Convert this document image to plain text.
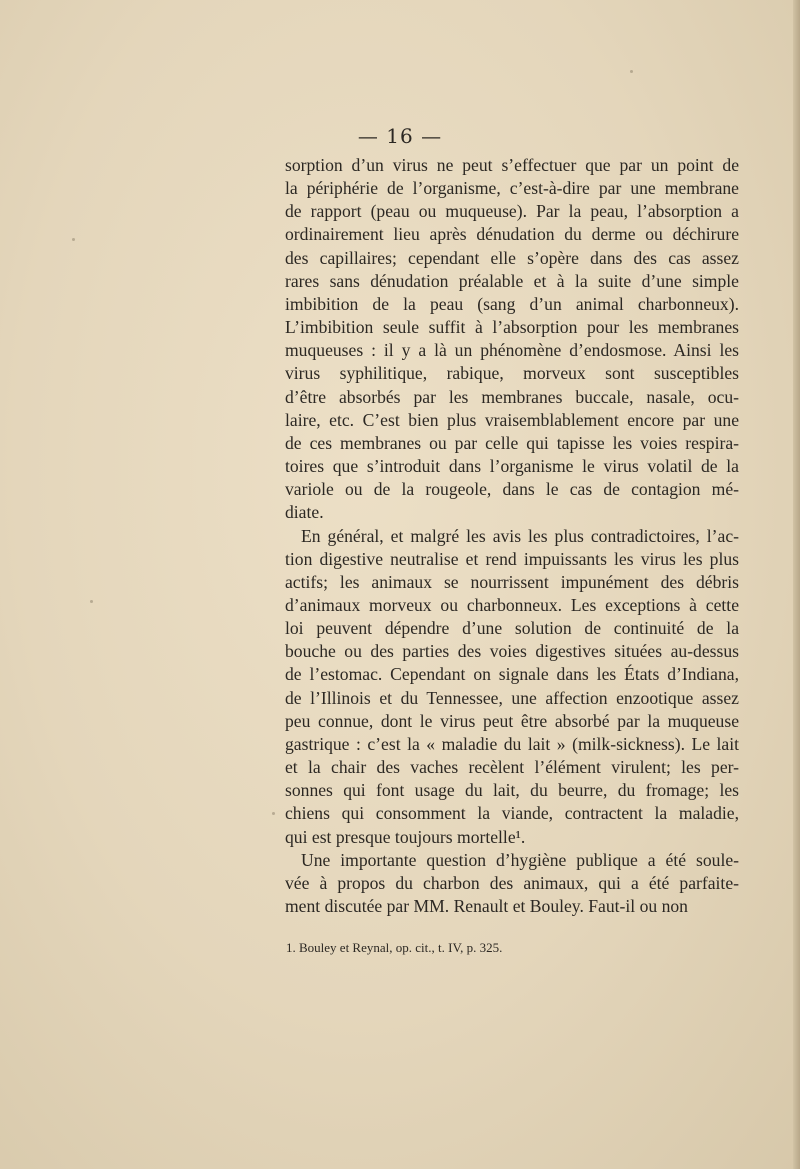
— 16 —
sorption d’un virus ne peut s’effectuer que par un point de
la périphérie de l’organisme, c’est-à-dire par une membrane
de rapport (peau ou muqueuse). Par la peau, l’absorption a
ordinairement lieu après dénudation du derme ou déchirure
des capillaires; cependant elle s’opère dans des cas assez
rares sans dénudation préalable et à la suite d’une simple
imbibition de la peau (sang d’un animal charbonneux).
L’imbibition seule suffit à l’absorption pour les membranes
muqueuses : il y a là un phénomène d’endosmose. Ainsi les
virus syphilitique, rabique, morveux sont susceptibles
d’être absorbés par les membranes buccale, nasale, ocu-
laire, etc. C’est bien plus vraisemblablement encore par une
de ces membranes ou par celle qui tapisse les voies respira-
toires que s’introduit dans l’organisme le virus volatil de la
variole ou de la rougeole, dans le cas de contagion mé-
diate.
En général, et malgré les avis les plus contradictoires, l’ac-
tion digestive neutralise et rend impuissants les virus les plus
actifs; les animaux se nourrissent impunément des débris
d’animaux morveux ou charbonneux. Les exceptions à cette
loi peuvent dépendre d’une solution de continuité de la
bouche ou des parties des voies digestives situées au-dessus
de l’estomac. Cependant on signale dans les États d’Indiana,
de l’Illinois et du Tennessee, une affection enzootique assez
peu connue, dont le virus peut être absorbé par la muqueuse
gastrique : c’est la « maladie du lait » (milk-sickness). Le lait
et la chair des vaches recèlent l’élément virulent; les per-
sonnes qui font usage du lait, du beurre, du fromage; les
chiens qui consomment la viande, contractent la maladie,
qui est presque toujours mortelle¹.
Une importante question d’hygiène publique a été soule-
vée à propos du charbon des animaux, qui a été parfaite-
ment discutée par MM. Renault et Bouley. Faut-il ou non
1. Bouley et Reynal, op. cit., t. IV, p. 325.
